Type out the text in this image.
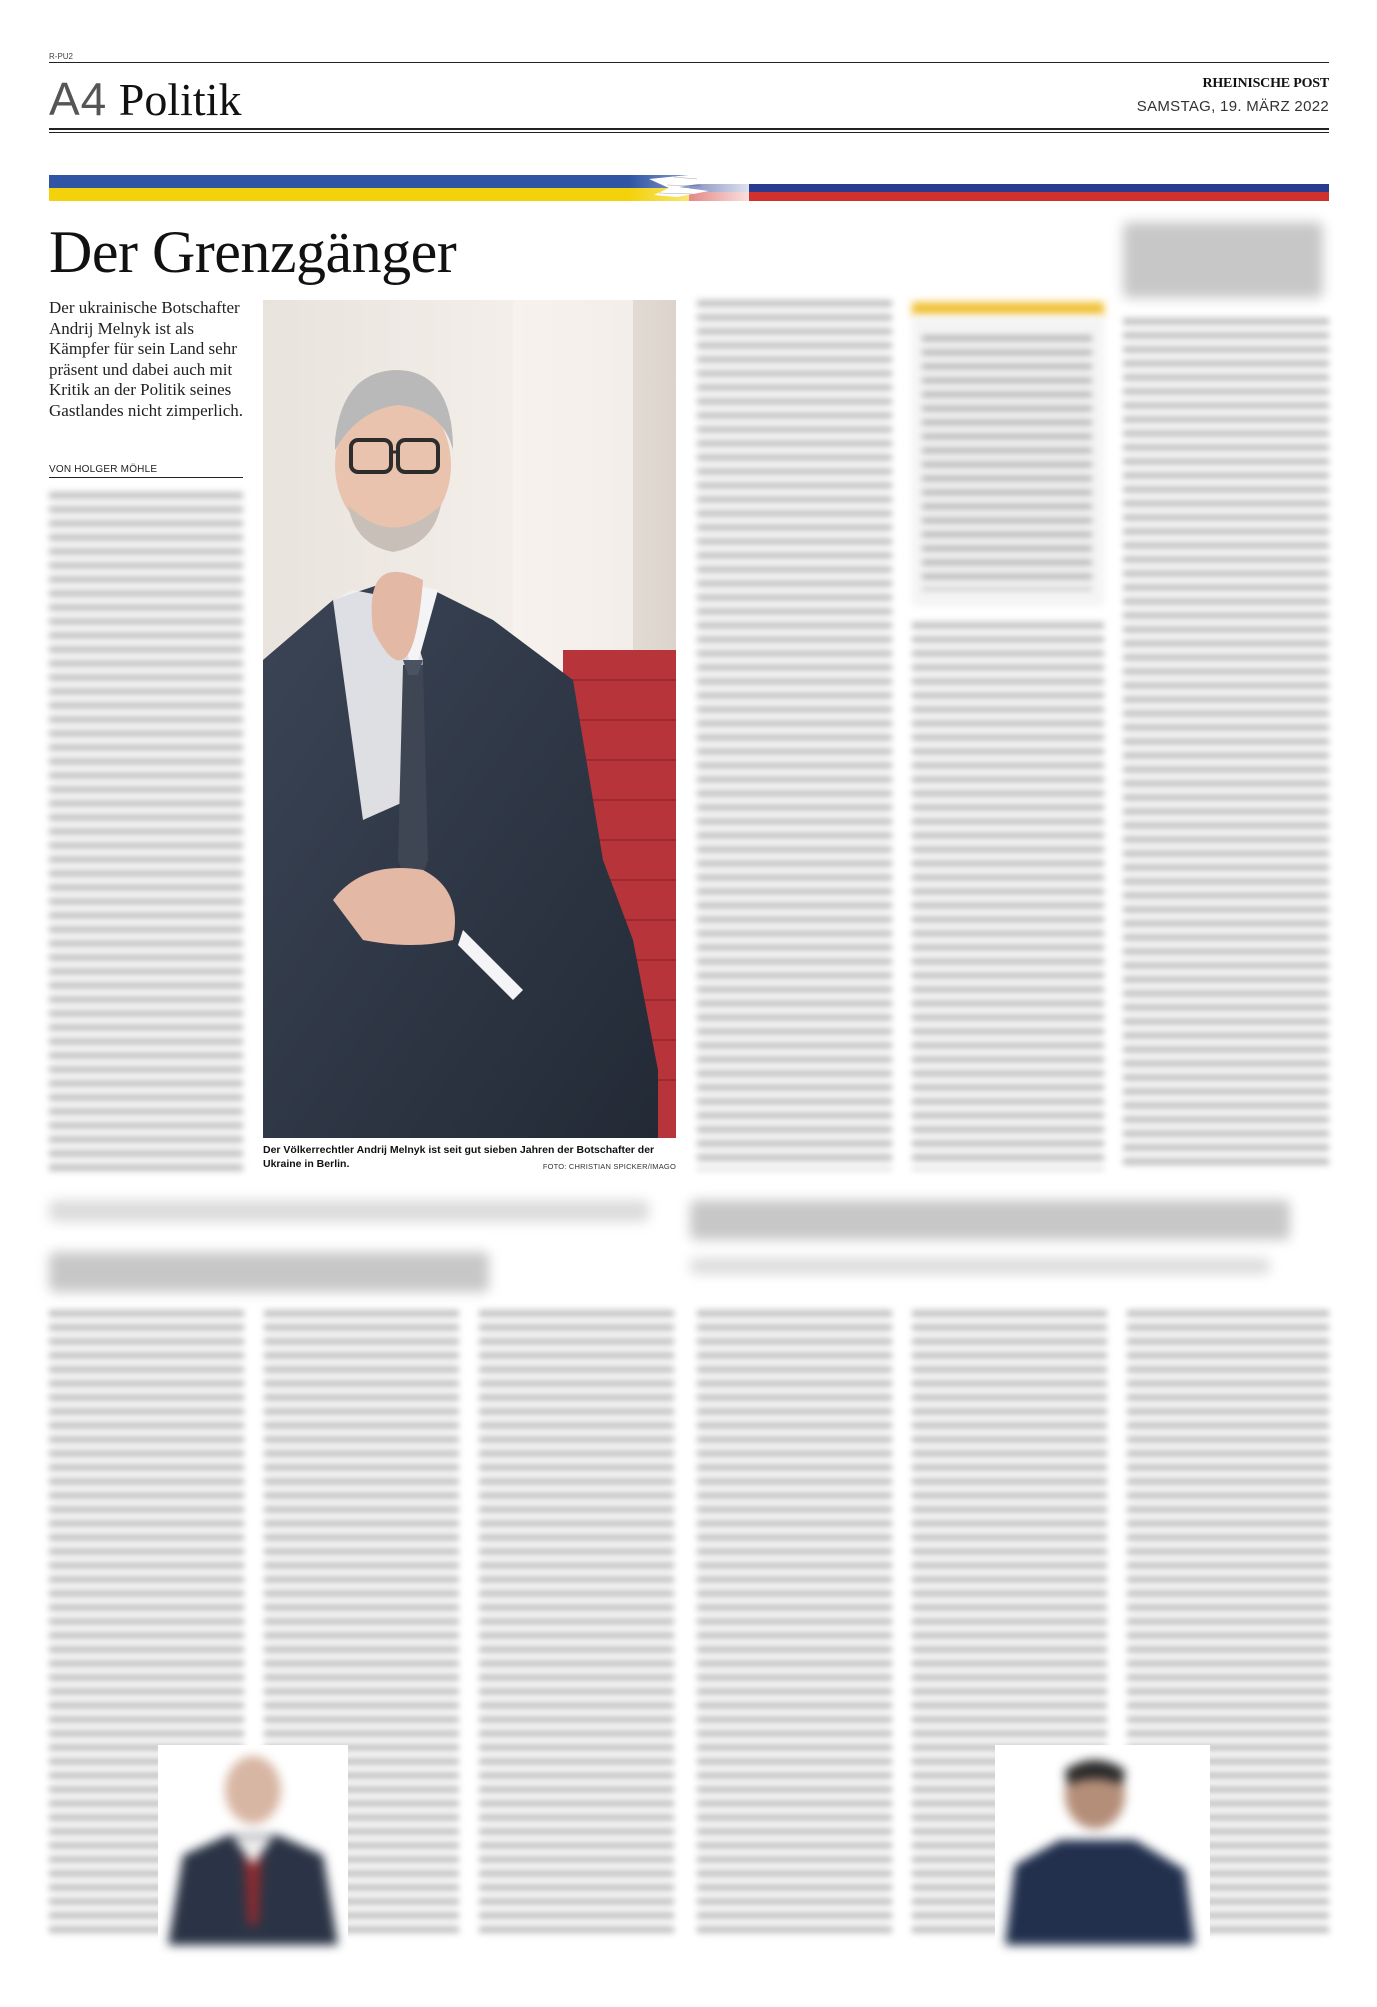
R-PU2
A4 Politik	RHEINISCHE POST
SAMSTAG, 19. MÄRZ 2022
Der Grenzgänger
Der ukrainische Botschafter Andrij Melnyk ist als Kämpfer für sein Land sehr präsent und dabei auch mit Kritik an der Politik seines Gastlandes nicht zimperlich.
VON HOLGER MÖHLE
Der Völkerrechtler Andrij Melnyk ist seit gut sieben Jahren der Botschafter der Ukraine in Berlin.	FOTO: CHRISTIAN SPICKER/IMAGO
